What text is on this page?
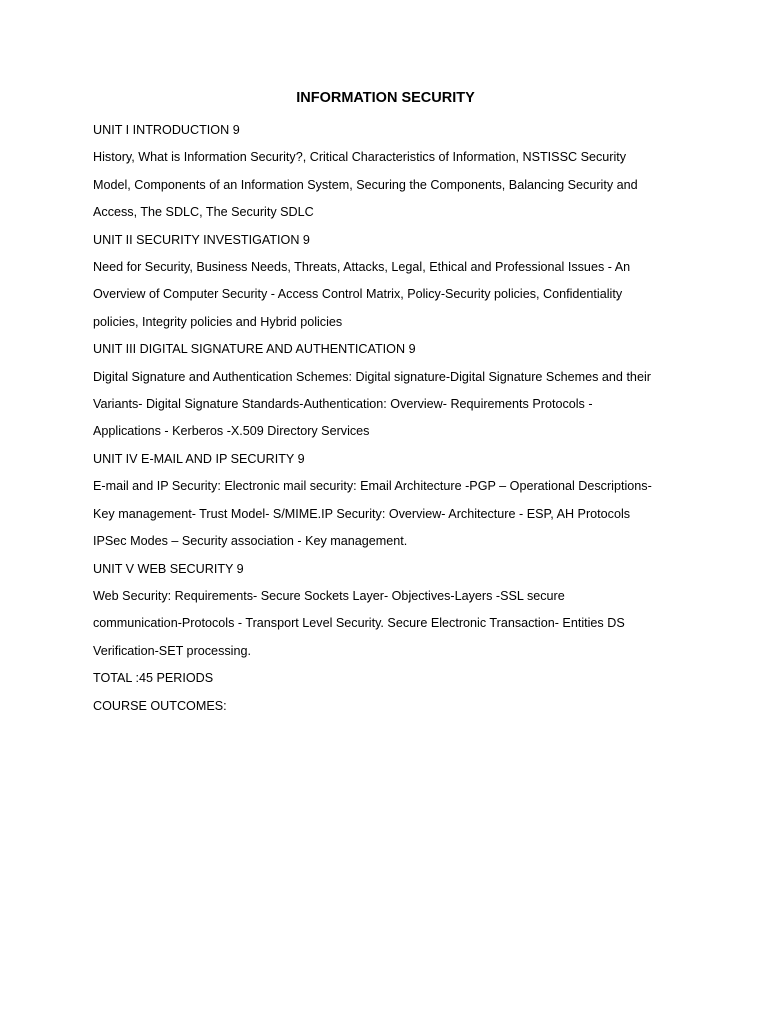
INFORMATION SECURITY
UNIT I INTRODUCTION 9
History, What is Information Security?, Critical Characteristics of Information, NSTISSC Security
Model, Components of an Information System, Securing the Components, Balancing Security and
Access, The SDLC, The Security SDLC
UNIT II SECURITY INVESTIGATION 9
Need for Security, Business Needs, Threats, Attacks, Legal, Ethical and Professional Issues - An
Overview of Computer Security - Access Control Matrix, Policy-Security policies, Confidentiality
policies, Integrity policies and Hybrid policies
UNIT III DIGITAL SIGNATURE AND AUTHENTICATION 9
Digital Signature and Authentication Schemes: Digital signature-Digital Signature Schemes and their
Variants- Digital Signature Standards-Authentication: Overview- Requirements Protocols -
Applications - Kerberos -X.509 Directory Services
UNIT IV E-MAIL AND IP SECURITY 9
E-mail and IP Security: Electronic mail security: Email Architecture -PGP – Operational Descriptions-
Key management- Trust Model- S/MIME.IP Security: Overview- Architecture - ESP, AH Protocols
IPSec Modes – Security association - Key management.
UNIT V WEB SECURITY 9
Web Security: Requirements- Secure Sockets Layer- Objectives-Layers -SSL secure
communication-Protocols - Transport Level Security. Secure Electronic Transaction- Entities DS
Verification-SET processing.
TOTAL :45 PERIODS
COURSE OUTCOMES:
